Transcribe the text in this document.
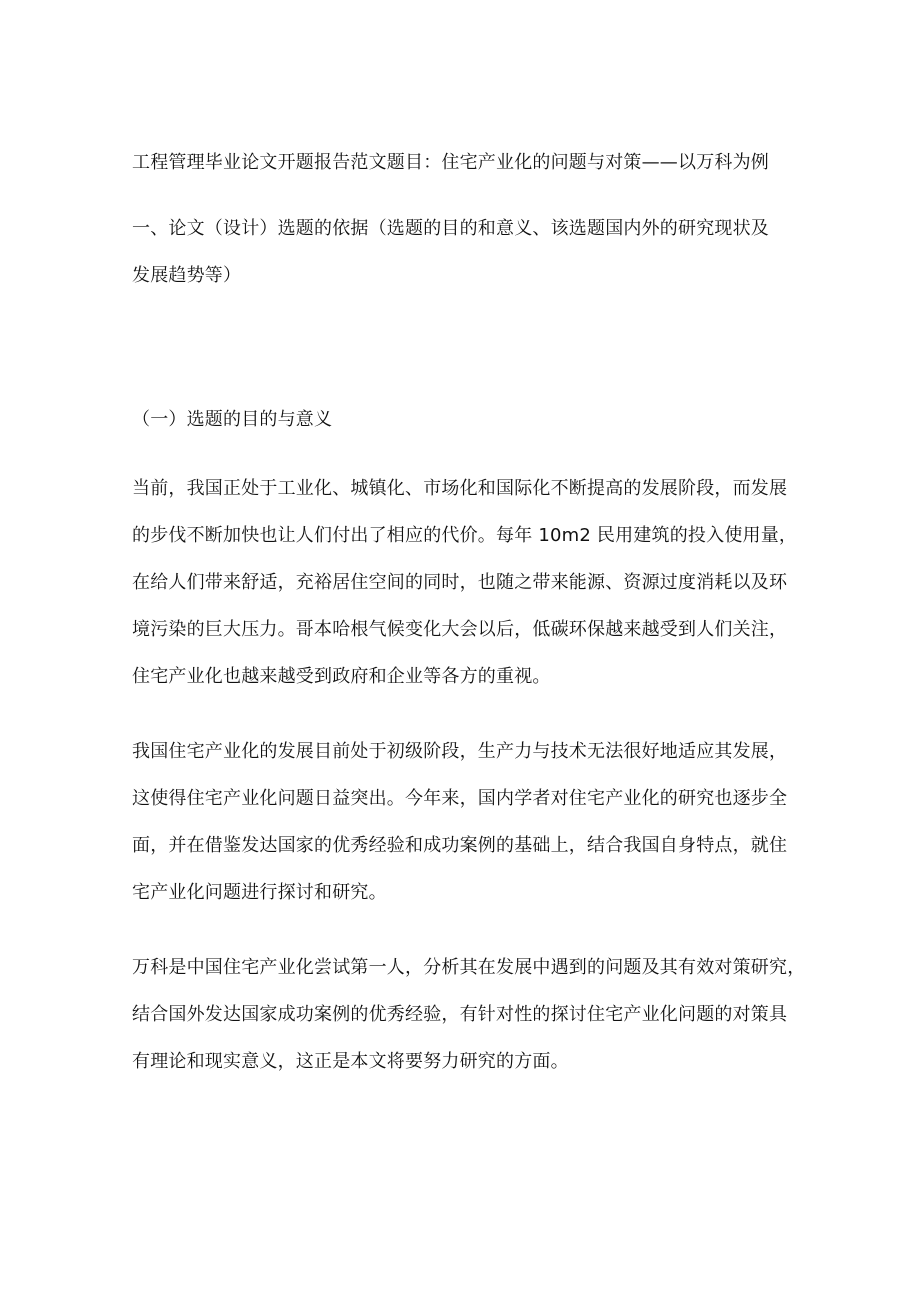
工程管理毕业论文开题报告范文题目：住宅产业化的问题与对策——以万科为例

一、论文（设计）选题的依据（选题的目的和意义、该选题国内外的研究现状及
发展趋势等）

（一）选题的目的与意义

当前，我国正处于工业化、城镇化、市场化和国际化不断提高的发展阶段，而发展
的步伐不断加快也让人们付出了相应的代价。每年 10m2 民用建筑的投入使用量，
在给人们带来舒适，充裕居住空间的同时，也随之带来能源、资源过度消耗以及环
境污染的巨大压力。哥本哈根气候变化大会以后，低碳环保越来越受到人们关注，
住宅产业化也越来越受到政府和企业等各方的重视。

我国住宅产业化的发展目前处于初级阶段，生产力与技术无法很好地适应其发展，
这使得住宅产业化问题日益突出。今年来，国内学者对住宅产业化的研究也逐步全
面，并在借鉴发达国家的优秀经验和成功案例的基础上，结合我国自身特点，就住
宅产业化问题进行探讨和研究。

万科是中国住宅产业化尝试第一人，分析其在发展中遇到的问题及其有效对策研究，
结合国外发达国家成功案例的优秀经验，有针对性的探讨住宅产业化问题的对策具
有理论和现实意义，这正是本文将要努力研究的方面。
